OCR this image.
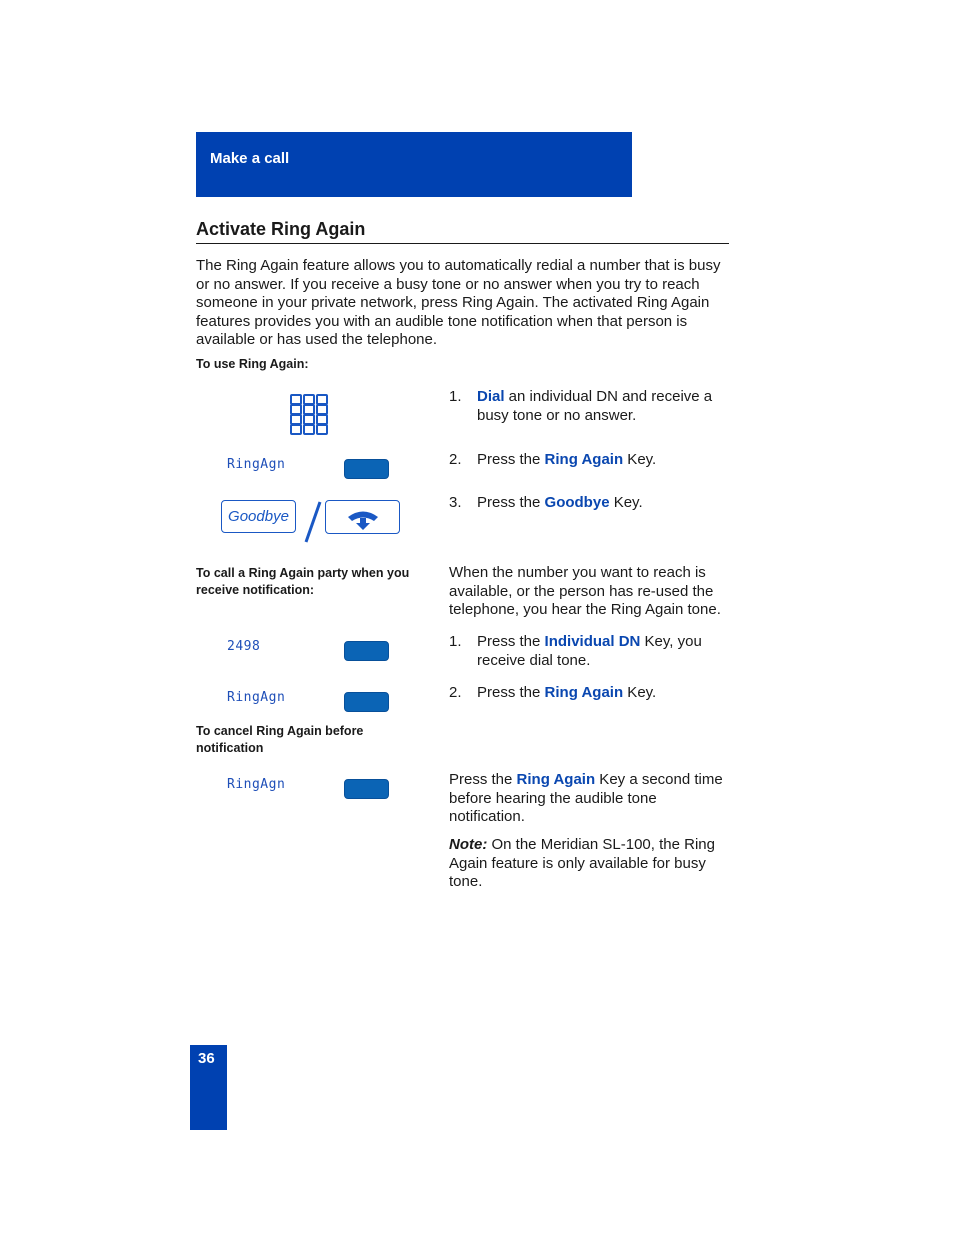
Make a call
Activate Ring Again
The Ring Again feature allows you to automatically redial a number that is busy or no answer. If you receive a busy tone or no answer when you try to reach someone in your private network, press Ring Again. The activated Ring Again features provides you with an audible tone notification when that person is available or has used the telephone.
To use Ring Again:
RingAgn
Goodbye
1. Dial an individual DN and receive a busy tone or no answer.
2. Press the Ring Again Key.
3. Press the Goodbye Key.
To call a Ring Again party when you receive notification:
When the number you want to reach is available, or the person has re-used the telephone, you hear the Ring Again tone.
2498
RingAgn
1. Press the Individual DN Key, you receive dial tone.
2. Press the Ring Again Key.
To cancel Ring Again before notification
RingAgn	Press the Ring Again Key a second time before hearing the audible tone notification.
Note: On the Meridian SL-100, the Ring Again feature is only available for busy tone.
36
